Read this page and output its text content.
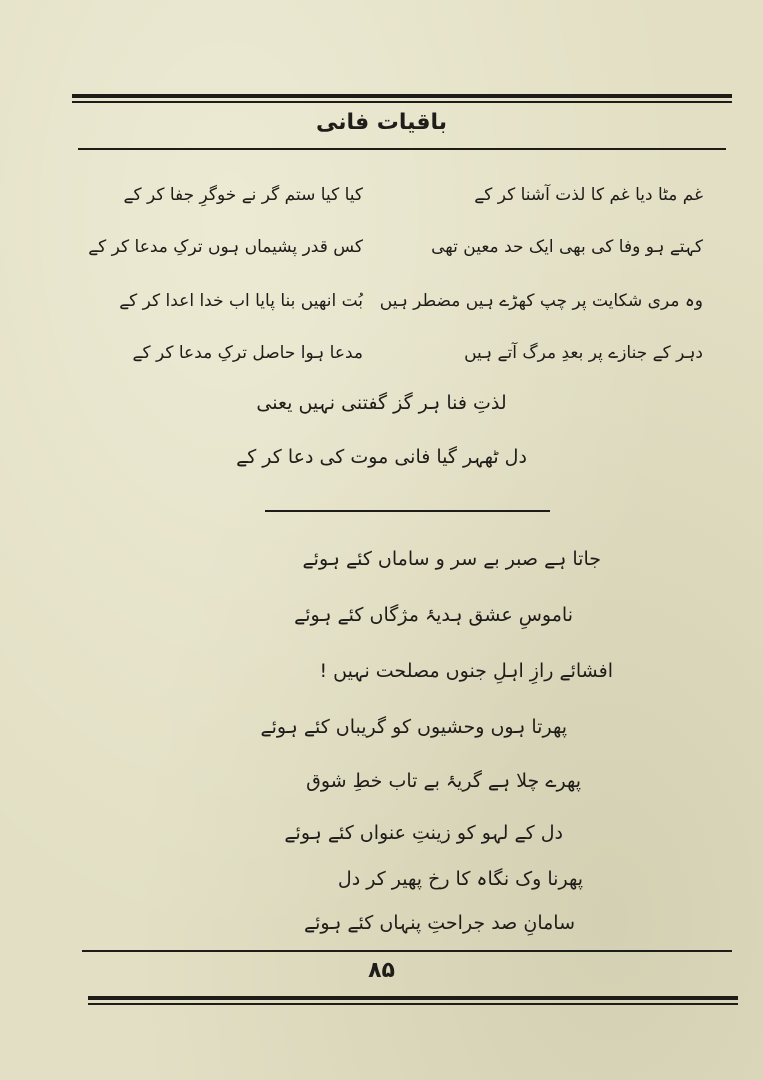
باقیات فانی
غم مٹا دیا غم کا لذت آشنا کر کے
کیا کیا ستم گر نے خوگرِ جفا کر کے
کہتے ہو وفا کی بھی ایک حد معین تھی
کس قدر پشیماں ہوں ترکِ مدعا کر کے
وہ مری شکایت پر چپ کھڑے ہیں مضطر ہیں
بُت انھیں بنا پایا اب خدا اعدا کر کے
دہر کے جنازے پر بعدِ مرگ آتے ہیں
مدعا ہوا حاصل ترکِ مدعا کر کے
لذتِ فنا ہر گز گفتنی نہیں یعنی
دل ٹھہر گیا فانی موت کی دعا کر کے
جاتا ہے صبر بے سر و ساماں کئے ہوئے
ناموسِ عشق ہدیۂ مژگاں کئے ہوئے
افشائے رازِ اہلِ جنوں مصلحت نہیں !
پھرتا ہوں وحشیوں کو گریباں کئے ہوئے
پھرے چلا ہے گریۂ بے تاب خطِ شوق
دل کے لہو کو زینتِ عنواں کئے ہوئے
پھرنا وک نگاہ کا رخ پھیر کر دل
سامانِ صد جراحتِ پنہاں کئے ہوئے
۸۵
